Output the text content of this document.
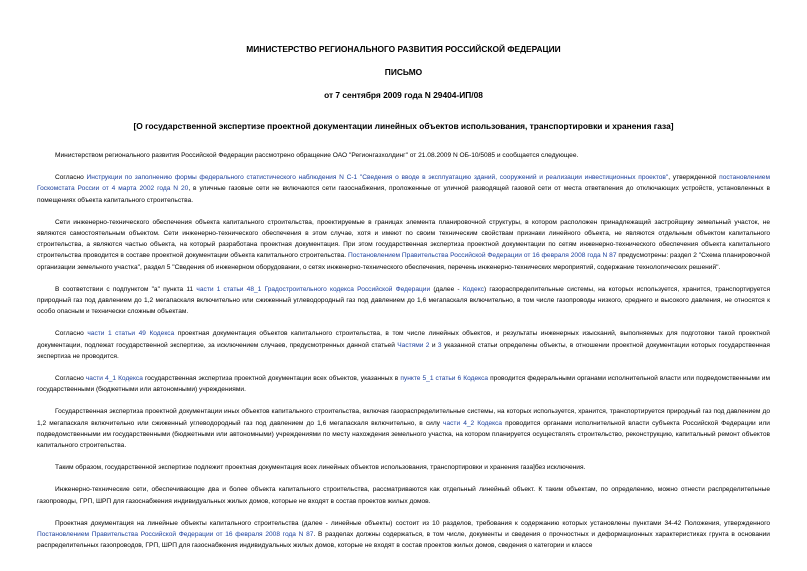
МИНИСТЕРСТВО РЕГИОНАЛЬНОГО РАЗВИТИЯ РОССИЙСКОЙ ФЕДЕРАЦИИ
ПИСЬМО
от 7 сентября 2009 года N 29404-ИП/08
[О государственной экспертизе проектной документации линейных объектов использования, транспортировки и хранения газа]

Министерством регионального развития Российской Федерации рассмотрено обращение ОАО "Регионгазхолдинг" от 21.08.2009 N ОБ-10/5085 и сообщается следующее.

Согласно Инструкции по заполнению формы федерального статистического наблюдения N С-1 "Сведения о вводе в эксплуатацию зданий, сооружений и реализации инвестиционных проектов", утвержденной постановлением Госкомстата России от 4 марта 2002 года N 20, в уличные газовые сети не включаются сети газоснабжения, проложенные от уличной разводящей газовой сети от места ответвления до отключающих устройств, установленных в помещениях объекта капитального строительства.

Сети инженерно-технического обеспечения объекта капитального строительства, проектируемые в границах элемента планировочной структуры, в котором расположен принадлежащий застройщику земельный участок, не являются самостоятельным объектом. Сети инженерно-технического обеспечения в этом случае, хотя и имеют по своим техническим свойствам признаки линейного объекта, не являются отдельным объектом капитального строительства, а являются частью объекта, на который разработана проектная документация. При этом государственная экспертиза проектной документации по сетям инженерно-технического обеспечения объекта капитального строительства проводится в составе проектной документации объекта капитального строительства. Постановлением Правительства Российской Федерации от 16 февраля 2008 года N 87 предусмотрены: раздел 2 "Схема планировочной организации земельного участка", раздел 5 "Сведения об инженерном оборудовании, о сетях инженерно-технического обеспечения, перечень инженерно-технических мероприятий, содержание технологических решений".

В соответствии с подпунктом "а" пункта 11 части 1 статьи 48_1 Градостроительного кодекса Российской Федерации (далее - Кодекс) газораспределительные системы, на которых используется, хранится, транспортируется природный газ под давлением до 1,2 мегапаскаля включительно или сжиженный углеводородный газ под давлением до 1,6 мегапаскаля включительно, в том числе газопроводы низкого, среднего и высокого давления, не относятся к особо опасным и технически сложным объектам.

Согласно части 1 статьи 49 Кодекса проектная документация объектов капитального строительства, в том числе линейных объектов, и результаты инженерных изысканий, выполняемых для подготовки такой проектной документации, подлежат государственной экспертизе, за исключением случаев, предусмотренных данной статьей Частями 2 и 3 указанной статьи определены объекты, в отношении проектной документации которых государственная экспертиза не проводится.

Согласно части 4_1 Кодекса государственная экспертиза проектной документации всех объектов, указанных в пункте 5_1 статьи 6 Кодекса проводится федеральными органами исполнительной власти или подведомственными им государственными (бюджетными или автономными) учреждениями.

Государственная экспертиза проектной документации иных объектов капитального строительства, включая газораспределительные системы, на которых используется, хранится, транспортируется природный газ под давлением до 1,2 мегапаскаля включительно или сжиженный углеводородный газ под давлением до 1,6 мегапаскаля включительно, в силу части 4_2 Кодекса проводится органами исполнительной власти субъекта Российской Федерации или подведомственными им государственными (бюджетными или автономными) учреждениями по месту нахождения земельного участка, на котором планируется осуществлять строительство, реконструкцию, капитальный ремонт объектов капитального строительства.

Таким образом, государственной экспертизе подлежит проектная документация всех линейных объектов использования, транспортировки и хранения газа]без исключения.

Инженерно-технические сети, обеспечивающие два и более объекта капитального строительства, рассматриваются как отдельный линейный объект. К таким объектам, по определению, можно отнести распределительные газопроводы, ГРП, ШРП для газоснабжения индивидуальных жилых домов, которые не входят в состав проектов жилых домов.

Проектная документация на линейные объекты капитального строительства (далее - линейные объекты) состоит из 10 разделов, требования к содержанию которых установлены пунктами 34-42 Положения, утвержденного Постановлением Правительства Российской Федерации от 16 февраля 2008 года N 87. В разделах должны содержаться, в том числе, документы и сведения о прочностных и деформационных характеристиках грунта в основании распределительных газопроводов, ГРП, ШРП для газоснабжения индивидуальных жилых домов, которые не входят в состав проектов жилых домов, сведения о категории и классе
